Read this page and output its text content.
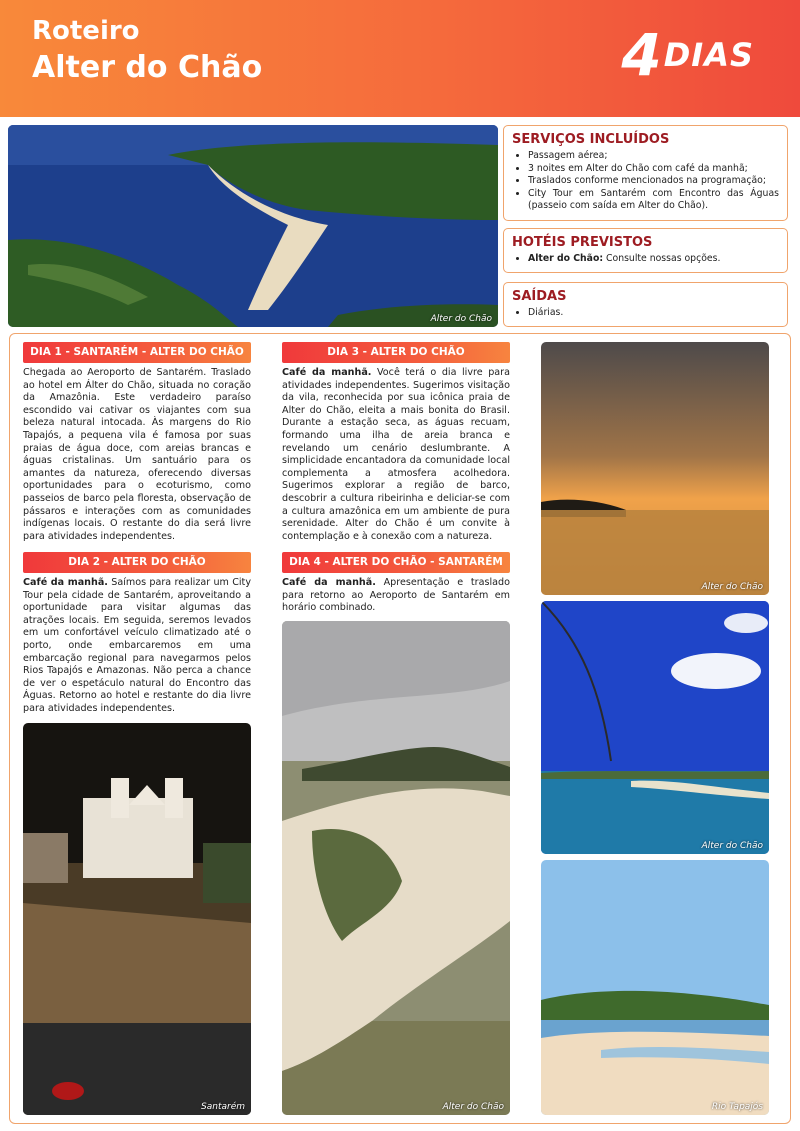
Roteiro
Alter do Chão	4DIAS
Alter do Chão
SERVIÇOS INCLUÍDOS
• Passagem aérea;
• 3 noites em Alter do Chão com café da manhã;
• Traslados conforme mencionados na programação;
• City Tour em Santarém com Encontro das Águas (passeio com saída em Alter do Chão).
HOTÉIS PREVISTOS
• Alter do Chão: Consulte nossas opções.
SAÍDAS
• Diárias.
DIA 1 - SANTARÉM - ALTER DO CHÃO
Chegada ao Aeroporto de Santarém. Traslado ao hotel em Álter do Chão, situada no coração da Amazônia. Este verdadeiro paraíso escondido vai cativar os viajantes com sua beleza natural intocada. Às margens do Rio Tapajós, a pequena vila é famosa por suas praias de água doce, com areias brancas e águas cristalinas. Um santuário para os amantes da natureza, oferecendo diversas oportunidades para o ecoturismo, como passeios de barco pela floresta, observação de pássaros e interações com as comunidades indígenas locais. O restante do dia será livre para atividades independentes.
DIA 2 - ALTER DO CHÃO
Café da manhã. Saímos para realizar um City Tour pela cidade de Santarém, aproveitando a oportunidade para visitar algumas das atrações locais. Em seguida, seremos levados em um confortável veículo climatizado até o porto, onde embarcaremos em uma embarcação regional para navegarmos pelos Rios Tapajós e Amazonas. Não perca a chance de ver o espetáculo natural do Encontro das Águas. Retorno ao hotel e restante do dia livre para atividades independentes.
DIA 3 - ALTER DO CHÃO
Café da manhã. Você terá o dia livre para atividades independentes. Sugerimos visitação da vila, reconhecida por sua icônica praia de Alter do Chão, eleita a mais bonita do Brasil. Durante a estação seca, as águas recuam, formando uma ilha de areia branca e revelando um cenário deslumbrante. A simplicidade encantadora da comunidade local complementa a atmosfera acolhedora. Sugerimos explorar a região de barco, descobrir a cultura ribeirinha e deliciar-se com a cultura amazônica em um ambiente de pura serenidade. Alter do Chão é um convite à contemplação e à conexão com a natureza.
DIA 4 - ALTER DO CHÃO - SANTARÉM
Café da manhã. Apresentação e traslado para retorno ao Aeroporto de Santarém em horário combinado.
Santarém	Alter do Chão
Alter do Chão
Alter do Chão
Rio Tapajós
